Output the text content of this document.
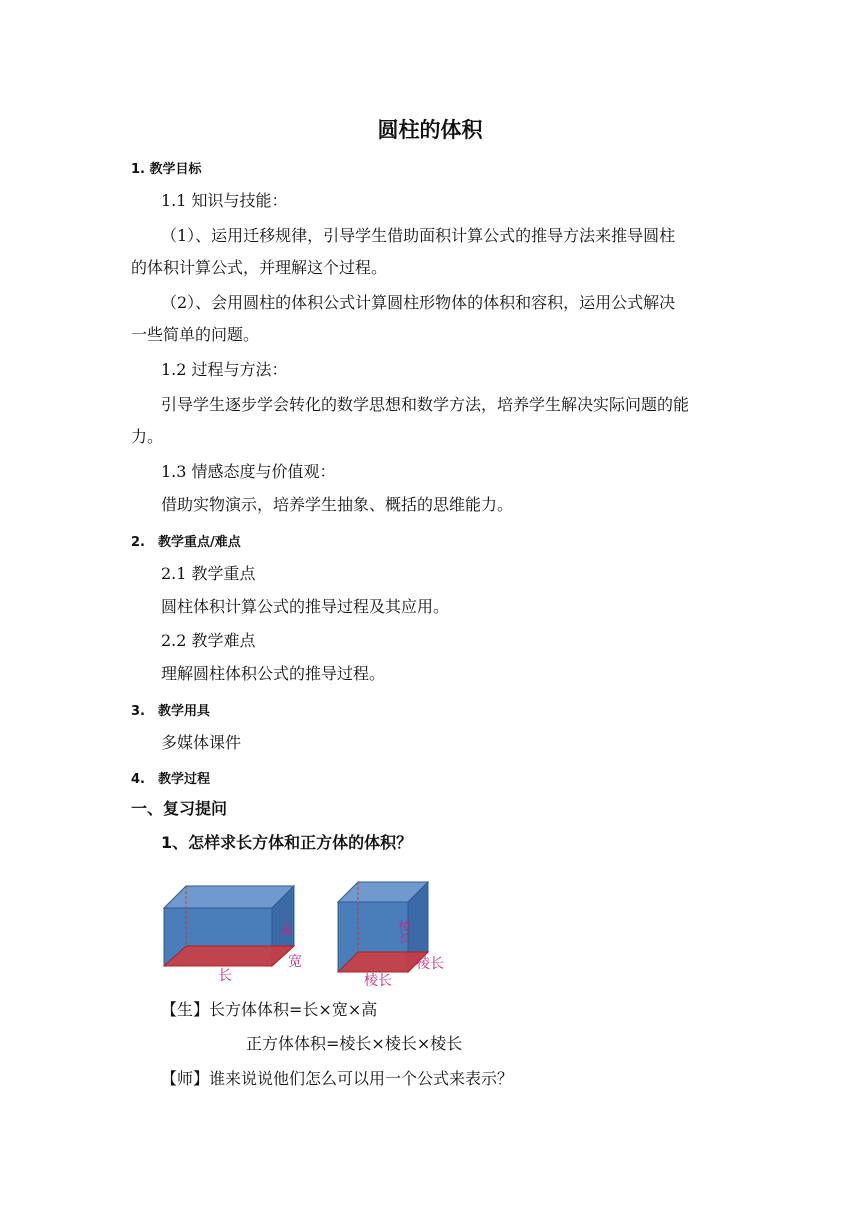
圆柱的体积
1. 教学目标
1.1 知识与技能：
（1）、运用迁移规律，引导学生借助面积计算公式的推导方法来推导圆柱
的体积计算公式，并理解这个过程。
（2）、会用圆柱的体积公式计算圆柱形物体的体积和容积，运用公式解决
一些简单的问题。
1.2 过程与方法：
引导学生逐步学会转化的数学思想和数学方法，培养学生解决实际问题的能
力。
1.3 情感态度与价值观：
借助实物演示，培养学生抽象、概括的思维能力。
2.　教学重点/难点
2.1 教学重点
圆柱体积计算公式的推导过程及其应用。
2.2 教学难点
理解圆柱体积公式的推导过程。
3.　教学用具
多媒体课件
4.　教学过程
一、复习提问
1、怎样求长方体和正方体的体积？
高
宽
长
棱长
棱长
棱长
【生】长方体体积=长×宽×高
正方体体积=棱长×棱长×棱长
【师】谁来说说他们怎么可以用一个公式来表示？
